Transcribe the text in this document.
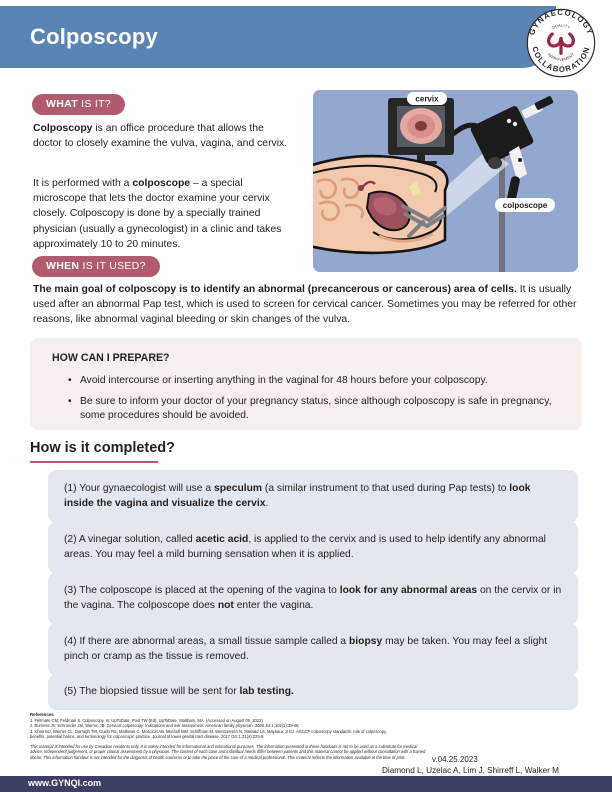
Colposcopy	GYNAECOLOGY
COLLABORATION
QUALITY
IMPROVEMENT
WHAT IS IT?

Colposcopy is an office procedure that allows the doctor to closely examine the vulva, vagina, and cervix.

It is performed with a colposcope – a special microscope that lets the doctor examine your cervix closely. Colposcopy is done by a specially trained physician (usually a gynecologist) in a clinic and takes approximately 10 to 20 minutes.

cervix
colposcope
WHEN IS IT USED?

The main goal of colposcopy is to identify an abnormal (precancerous or cancerous) area of cells. It is usually used after an abnormal Pap test, which is used to screen for cervical cancer. Sometimes you may be referred for other reasons, like abnormal vaginal bleeding or skin changes of the vulva.

HOW CAN I PREPARE?
• Avoid intercourse or inserting anything in the vaginal for 48 hours before your colposcopy.
• Be sure to inform your doctor of your pregnancy status, since although colposcopy is safe in pregnancy, some procedures should be avoided.
How is it completed?
(1) Your gynaecologist will use a speculum (a similar instrument to that used during Pap tests) to look inside the vagina and visualize the cervix.
(2) A vinegar solution, called acetic acid, is applied to the cervix and is used to help identify any abnormal areas. You may feel a mild burning sensation when it is applied.
(3) The colposcope is placed at the opening of the vagina to look for any abnormal areas on the cervix or in the vagina. The colposcope does not enter the vagina.
(4) If there are abnormal areas, a small tissue sample called a biopsy may be taken. You may feel a slight pinch or cramp as the tissue is removed.
(5) The biopsied tissue will be sent for lab testing.
References
1. Feltmate CM, Feldman S. Colposcopy. In: UpToDate, Post TW (Ed), UpToDate, Waltham, MA. (Accessed on August 09, 2022)
2. Burness JV, Schroeder JM, Warren JB. Cervical colposcopy: Indications and risk assessment. American family physician. 2020 Jul 1;102(1):39-48.
3. Khan MJ, Werner CL, Darragh TM, Guido RS, Mathews C, Moscicki AB, Mitchell MM, Schiffman M, Wentzensen N, Massad LS, Mayeaux Jr EJ. ASCCP colposcopy standards: role of colposcopy, benefits, potential harms, and terminology for colposcopic practice. Journal of lower genital tract disease. 2017 Oct 1;21(4):223-9.
This material is intended for use by Canadian residents only. It is solely intended for informational and educational purposes. The information presented in these handouts is not to be used as a substitute for medical advice, independent judgement, or proper clinical assessment by a physician. The context of each case and individual needs differ between patients and this material cannot be applied without consultation with a trained doctor. This information handout is not intended for the diagnosis of health concerns or to take the place of the care of a medical professional. This material reflects the information available at the time of print.	v.04.25.2023
Diamond L, Uzelac A, Lim J, Shirreff L, Walker M
www.GYNQI.com
